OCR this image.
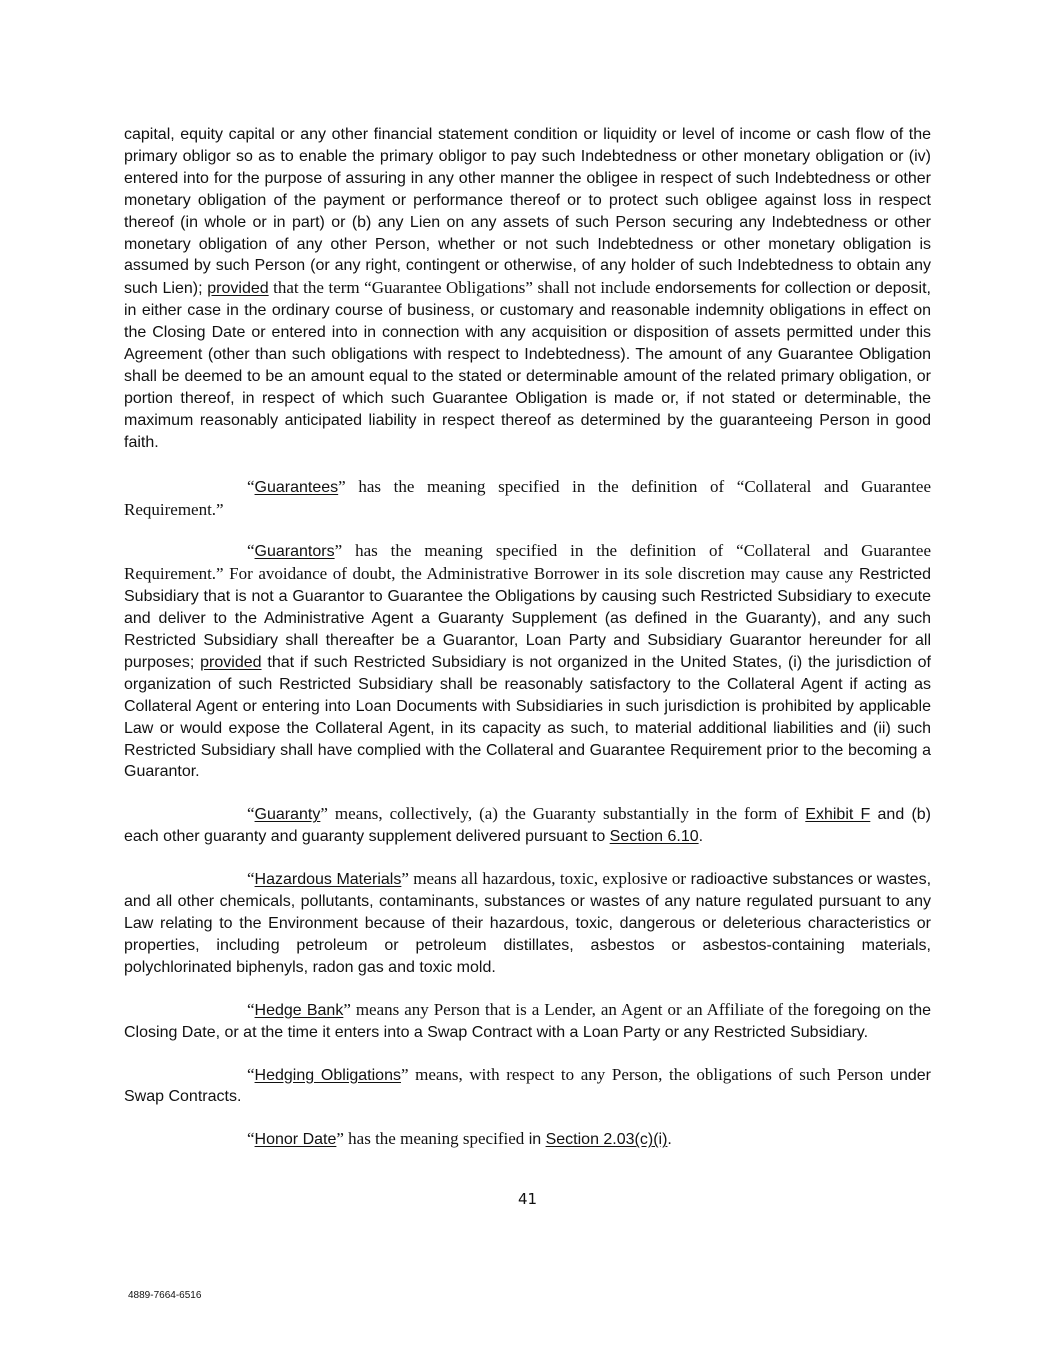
capital, equity capital or any other financial statement condition or liquidity or level of income or cash flow of the primary obligor so as to enable the primary obligor to pay such Indebtedness or other monetary obligation or (iv) entered into for the purpose of assuring in any other manner the obligee in respect of such Indebtedness or other monetary obligation of the payment or performance thereof or to protect such obligee against loss in respect thereof (in whole or in part) or (b) any Lien on any assets of such Person securing any Indebtedness or other monetary obligation of any other Person, whether or not such Indebtedness or other monetary obligation is assumed by such Person (or any right, contingent or otherwise, of any holder of such Indebtedness to obtain any such Lien); provided that the term “Guarantee Obligations” shall not include endorsements for collection or deposit, in either case in the ordinary course of business, or customary and reasonable indemnity obligations in effect on the Closing Date or entered into in connection with any acquisition or disposition of assets permitted under this Agreement (other than such obligations with respect to Indebtedness). The amount of any Guarantee Obligation shall be deemed to be an amount equal to the stated or determinable amount of the related primary obligation, or portion thereof, in respect of which such Guarantee Obligation is made or, if not stated or determinable, the maximum reasonably anticipated liability in respect thereof as determined by the guaranteeing Person in good faith.

“Guarantees” has the meaning specified in the definition of “Collateral and Guarantee Requirement.”

“Guarantors” has the meaning specified in the definition of “Collateral and Guarantee Requirement.” For avoidance of doubt, the Administrative Borrower in its sole discretion may cause any Restricted Subsidiary that is not a Guarantor to Guarantee the Obligations by causing such Restricted Subsidiary to execute and deliver to the Administrative Agent a Guaranty Supplement (as defined in the Guaranty), and any such Restricted Subsidiary shall thereafter be a Guarantor, Loan Party and Subsidiary Guarantor hereunder for all purposes; provided that if such Restricted Subsidiary is not organized in the United States, (i) the jurisdiction of organization of such Restricted Subsidiary shall be reasonably satisfactory to the Collateral Agent if acting as Collateral Agent or entering into Loan Documents with Subsidiaries in such jurisdiction is prohibited by applicable Law or would expose the Collateral Agent, in its capacity as such, to material additional liabilities and (ii) such Restricted Subsidiary shall have complied with the Collateral and Guarantee Requirement prior to the becoming a Guarantor.

“Guaranty” means, collectively, (a) the Guaranty substantially in the form of Exhibit F and (b) each other guaranty and guaranty supplement delivered pursuant to Section 6.10.

“Hazardous Materials” means all hazardous, toxic, explosive or radioactive substances or wastes, and all other chemicals, pollutants, contaminants, substances or wastes of any nature regulated pursuant to any Law relating to the Environment because of their hazardous, toxic, dangerous or deleterious characteristics or properties, including petroleum or petroleum distillates, asbestos or asbestos-containing materials, polychlorinated biphenyls, radon gas and toxic mold.

“Hedge Bank” means any Person that is a Lender, an Agent or an Affiliate of the foregoing on the Closing Date, or at the time it enters into a Swap Contract with a Loan Party or any Restricted Subsidiary.

“Hedging Obligations” means, with respect to any Person, the obligations of such Person under Swap Contracts.

“Honor Date” has the meaning specified in Section 2.03(c)(i).

41
4889-7664-6516
